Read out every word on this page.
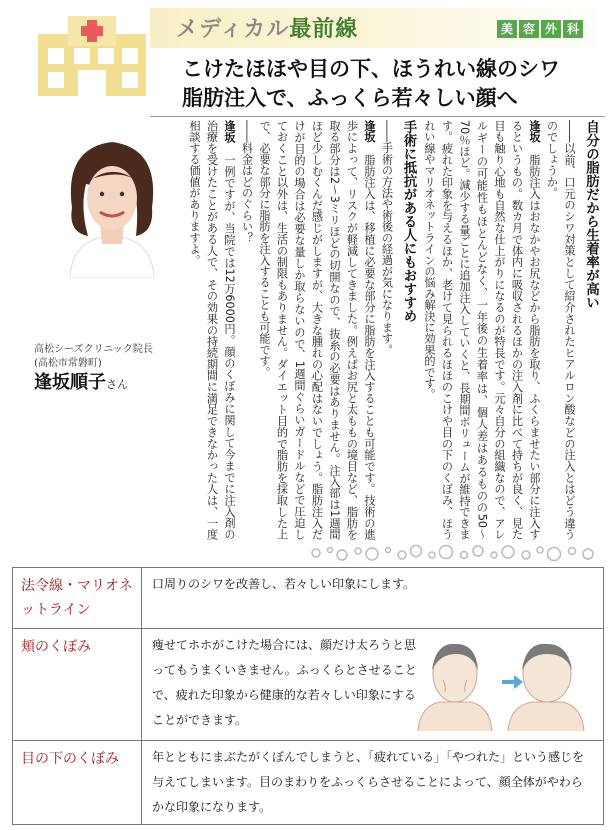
メディカル最前線	美 容 外 科
こけたほほや目の下、ほうれい線のシワ
脂肪注入で、ふっくら若々しい顔へ
高松シーズクリニック院長
(高松市常磐町)
逢坂順子さん

自分の脂肪だから生着率が高い

――以前、口元のシワ対策として紹介されたヒアルロン酸などの注入とはどう違うのでしょうか。

逢坂　脂肪注入はおなかやお尻などから脂肪を取り、ふくらませたい部分に注入するというもの。数カ月で体内に吸収されるほかの注入剤に比べて持ちが良く、見た目も触り心地も自然な仕上がりになるのが特長です。元々自分の組織なので、アレルギーの可能性もほとんどなく、一年後の生着率は、個人差はあるものの50〜70％ほど。減少する量ごとに追加注入していくと、長期間ボリュームが維持できます。疲れた印象を与えるほか、老けて見られるほほのこけや目の下のくぼみ、ほうれい線やマリオネットラインの悩み解決に効果的です。

手術に抵抗がある人にもおすすめ

――手術の方法や術後の経過が気になります。

逢坂　脂肪注入は、移植に必要な部分に脂肪を注入することも可能です。技術の進歩によって、リスクが軽減してきました。例えばお尻と太ももの境目など、脂肪を取る部分は2〜3ミリほどの切開なので、抜糸の必要はありません。注入部は1週間ほど少しむくんだ感じがしますが、大きな腫れの心配はないでしょう。脂肪注入だけが目的の場合は必要な量しか取らないので、1週間ぐらいガードルなどで圧迫しておくこと以外は、生活の制限もありません。ダイエット目的で脂肪を採取した上で、必要な部分に脂肪を注入することも可能です。

――料金はどのぐらい？

逢坂　一例ですが、当院では12万6000円。顔のくぼみに関して今までに注入剤の治療を受けたことがある人で、その効果の持続期間に満足できなかった人は、一度相談する価値がありますよ。

法令線・マリオネットライン	口周りのシワを改善し、若々しい印象にします。
頬のくぼみ	痩せてホホがこけた場合には、顔だけ太ろうと思ってもうまくいきません。ふっくらとさせることで、疲れた印象から健康的な若々しい印象にすることができます。

目の下のくぼみ	年とともにまぶたがくぼんでしまうと、「疲れている」「やつれた」という感じを与えてしまいます。目のまわりをふっくらさせることによって、顔全体がやわらかな印象になります。
